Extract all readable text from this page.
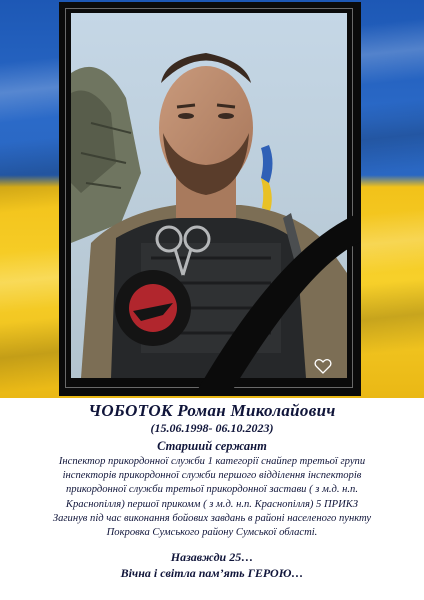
ЧОБОТОК Роман Миколайович
(15.06.1998- 06.10.2023)
Старший сержант
Інспектор прикордонної служби 1 категорії снайпер третьої групи інспекторів прикордонної служби першого відділення інспекторів прикордонної служби третьої прикордонної застави ( з м.д. н.п. Краснопілля) першої прикомм ( з м.д. н.п. Краснопілля) 5 ПРИКЗ Загинув під час виконання бойових завдань в районі населеного пункту Покровка Сумського району Сумської області.
Назавжди 25…
Вічна і світла пам’ять ГЕРОЮ…
